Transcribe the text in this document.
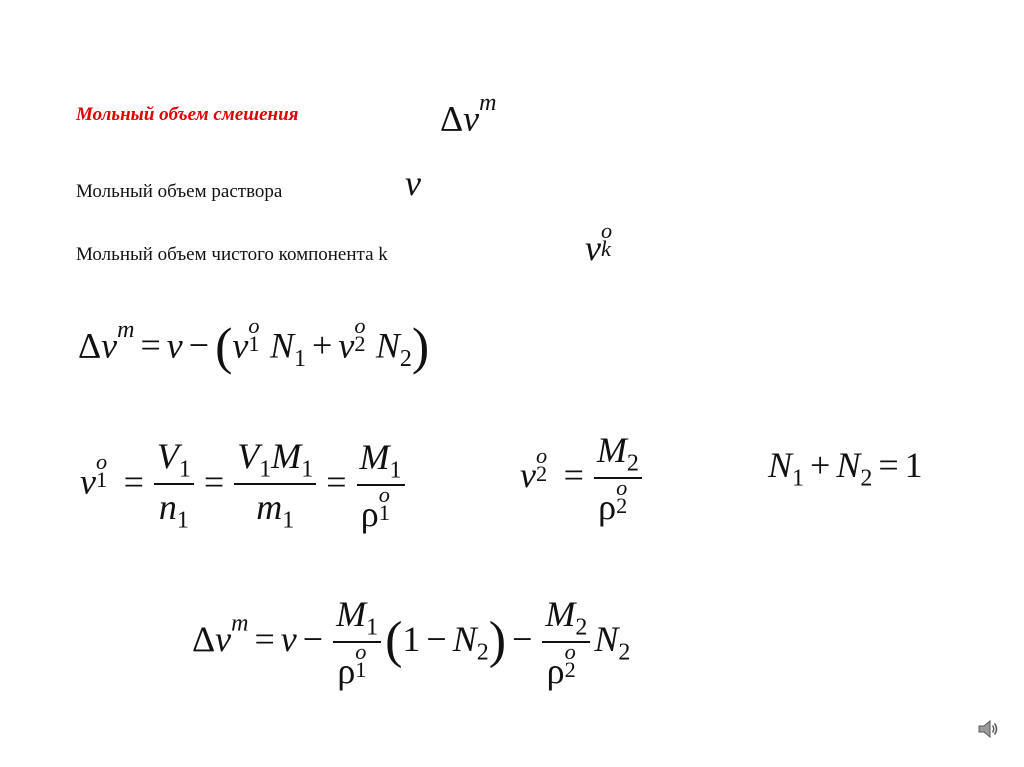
Мольный объем смешения	$\Delta v^m$
Мольный объем раствора	v
Мольный объем чистого компонента k	v o
k
$\Delta v^m = v - (v$ o
1 $N_1 + v$ o
2 $N_2$)
v o
$1 = \frac{V_1}{n_1} = \frac{V_1M_1}{m_1} = M_1$
ρ o
1	v o
$2 = M_2$
ρ o
2	$N_1 + N_2 = 1$
$\Delta v^m = v - M_1$
ρ o
1 $(1 - N_2) - M_2$
ρ o
2 $N_2$
